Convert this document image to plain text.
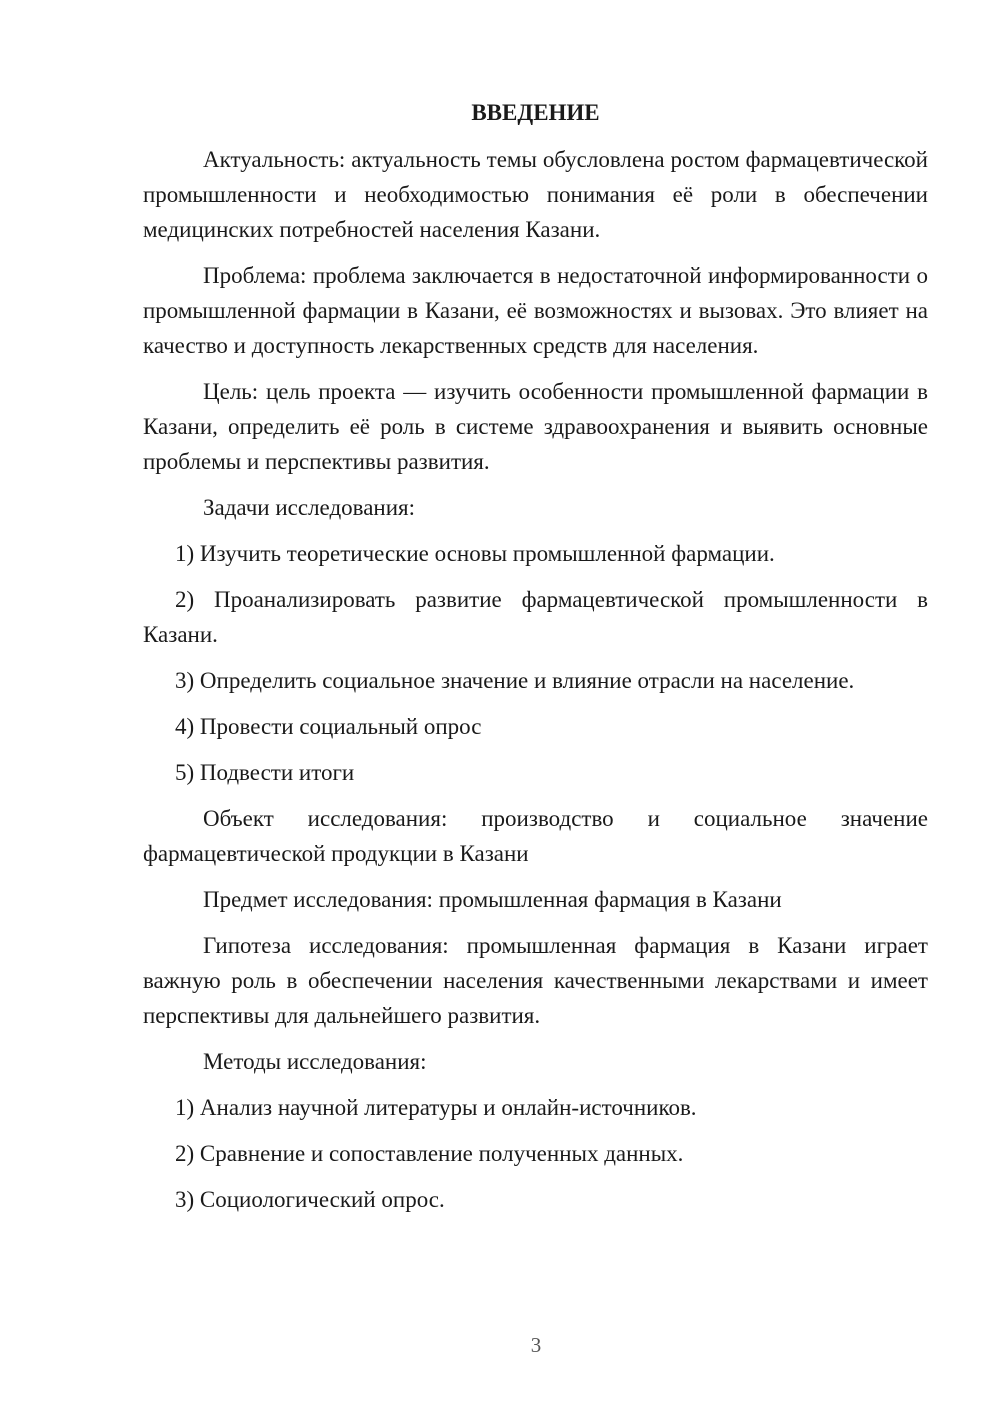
ВВЕДЕНИЕ

Актуальность: актуальность темы обусловлена ростом фармацевтической промышленности и необходимостью понимания её роли в обеспечении медицинских потребностей населения Казани.

Проблема: проблема заключается в недостаточной информированности о промышленной фармации в Казани, её возможностях и вызовах. Это влияет на качество и доступность лекарственных средств для населения.

Цель: цель проекта — изучить особенности промышленной фармации в Казани, определить её роль в системе здравоохранения и выявить основные проблемы и перспективы развития.

Задачи исследования:

1) Изучить теоретические основы промышленной фармации.

2) Проанализировать развитие фармацевтической промышленности в Казани.

3) Определить социальное значение и влияние отрасли на население.

4) Провести социальный опрос

5) Подвести итоги

Объект исследования: производство и социальное значение фармацевтической продукции в Казани

Предмет исследования: промышленная фармация в Казани

Гипотеза исследования: промышленная фармация в Казани играет важную роль в обеспечении населения качественными лекарствами и имеет перспективы для дальнейшего развития.

Методы исследования:

1) Анализ научной литературы и онлайн-источников.

2) Сравнение и сопоставление полученных данных.

3) Социологический опрос.

3
